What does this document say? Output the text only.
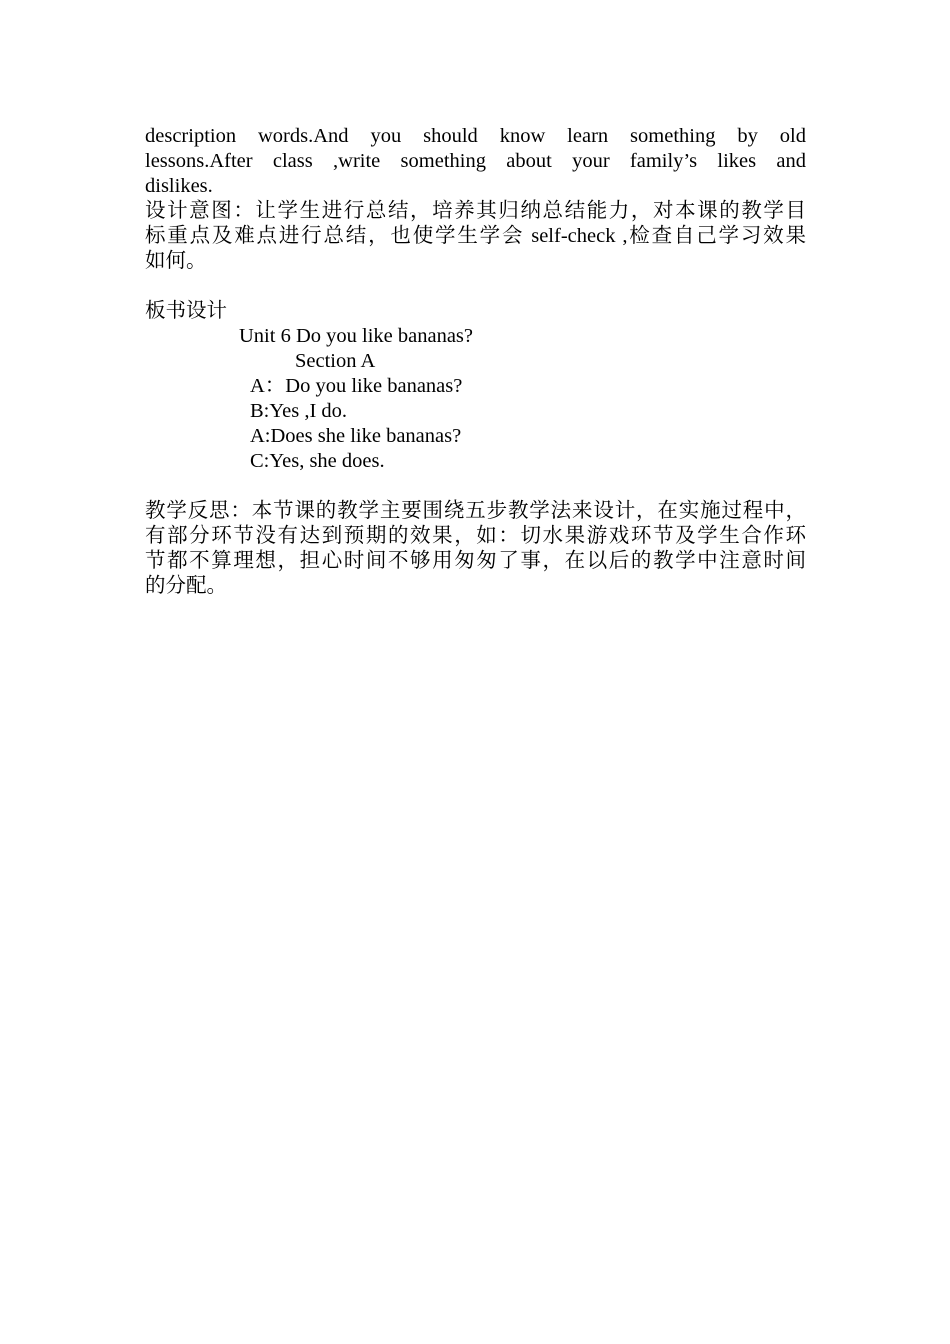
description words.And you should know learn something by old
lessons.After class ,write something about your family’s likes and
dislikes.
设计意图：让学生进行总结，培养其归纳总结能力，对本课的教学目
标重点及难点进行总结，也使学生学会 self-check ,检查自己学习效果
如何。
板书设计
Unit 6 Do you like bananas?
Section A
A：Do you like bananas?
B:Yes ,I do.
A:Does she like bananas?
C:Yes, she does.
教学反思：本节课的教学主要围绕五步教学法来设计，在实施过程中，
有部分环节没有达到预期的效果，如：切水果游戏环节及学生合作环
节都不算理想，担心时间不够用匆匆了事，在以后的教学中注意时间
的分配。
